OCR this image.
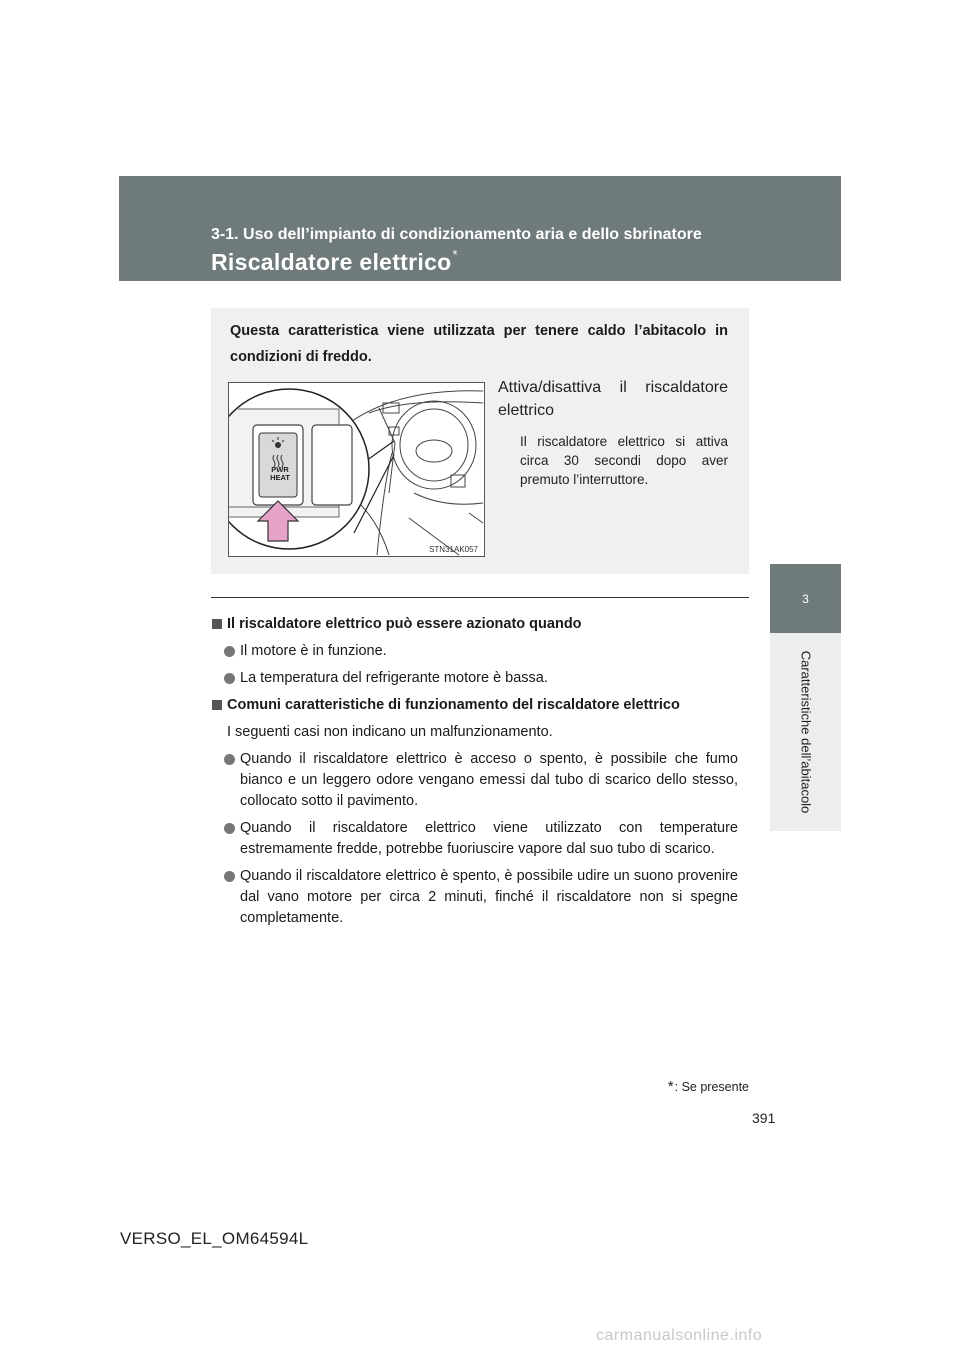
3-1. Uso dell’impianto di condizionamento aria e dello sbrinatore
Riscaldatore elettrico*
3
Caratteristiche dell’abitacolo
Questa caratteristica viene utilizzata per tenere caldo l’abitacolo in condizioni di freddo.
PWR
HEAT
STN31AK057
Attiva/disattiva il riscaldatore elettrico
Il riscaldatore elettrico si attiva circa 30 secondi dopo aver premuto l’interruttore.
Il riscaldatore elettrico può essere azionato quando
Il motore è in funzione.
La temperatura del refrigerante motore è bassa.
Comuni caratteristiche di funzionamento del riscaldatore elettrico
I seguenti casi non indicano un malfunzionamento.
Quando il riscaldatore elettrico è acceso o spento, è possibile che fumo bianco e un leggero odore vengano emessi dal tubo di scarico dello stesso, collocato sotto il pavimento.
Quando il riscaldatore elettrico viene utilizzato con temperature estremamente fredde, potrebbe fuoriuscire vapore dal suo tubo di scarico.
Quando il riscaldatore elettrico è spento, è possibile udire un suono provenire dal vano motore per circa 2 minuti, finché il riscaldatore non si spegne completamente.
*: Se presente
391
VERSO_EL_OM64594L
carmanualsonline.info
